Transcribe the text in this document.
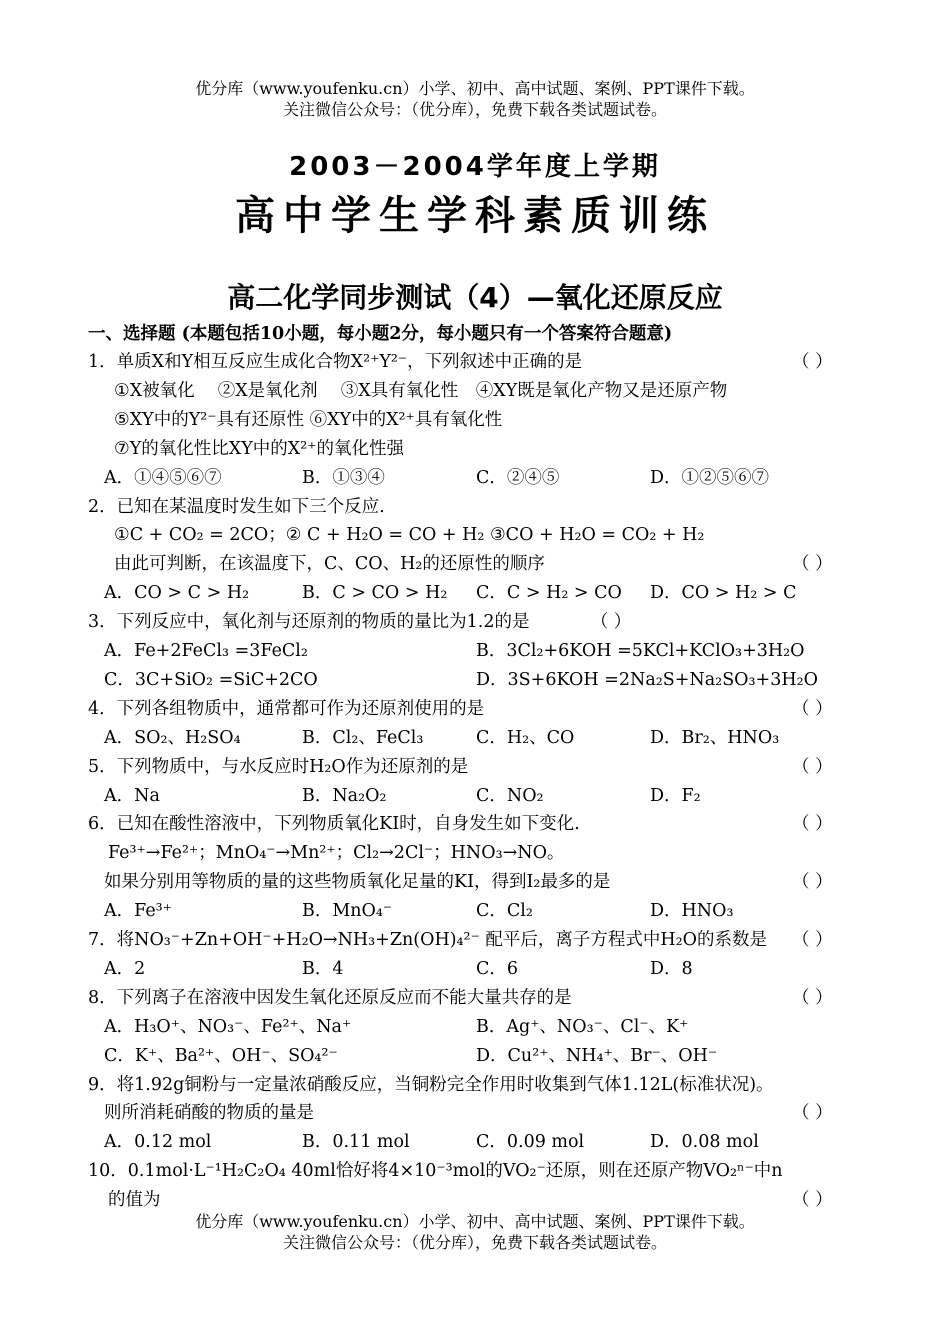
优分库（www.youfenku.cn）小学、初中、高中试题、案例、PPT课件下载。
关注微信公众号：（优分库），免费下载各类试题试卷。
2003－2004学年度上学期
高中学生学科素质训练
高二化学同步测试（4）—氧化还原反应
一、选择题 (本题包括10小题，每小题2分，每小题只有一个答案符合题意)
1．单质X和Y相互反应生成化合物X²⁺Y²⁻，下列叙述中正确的是	（ ）
①X被氧化　 ②X是氧化剂　 ③X具有氧化性　④XY既是氧化产物又是还原产物
⑤XY中的Y²⁻具有还原性 ⑥XY中的X²⁺具有氧化性
⑦Y的氧化性比XY中的X²⁺的氧化性强
A．①④⑤⑥⑦	B．①③④	C．②④⑤	D．①②⑤⑥⑦
2．已知在某温度时发生如下三个反应.
①C + CO₂ = 2CO；② C + H₂O = CO + H₂ ③CO + H₂O = CO₂ + H₂
由此可判断，在该温度下，C、CO、H₂的还原性的顺序	（ ）
A．CO > C > H₂	B．C > CO > H₂ C．C > H₂ > CO D．CO > H₂ > C
3．下列反应中，氧化剂与还原剂的物质的量比为1.2的是　　　　（ ）
A．Fe+2FeCl₃ =3FeCl₂	B．3Cl₂+6KOH =5KCl+KClO₃+3H₂O
C．3C+SiO₂ =SiC+2CO	D．3S+6KOH =2Na₂S+Na₂SO₃+3H₂O
4．下列各组物质中，通常都可作为还原剂使用的是	（ ）
A．SO₂、H₂SO₄	B．Cl₂、FeCl₃	C．H₂、CO	D．Br₂、HNO₃
5．下列物质中，与水反应时H₂O作为还原剂的是	（ ）
A．Na	B．Na₂O₂	C．NO₂	D．F₂
6．已知在酸性溶液中，下列物质氧化KI时，自身发生如下变化.	（ ）
Fe³⁺→Fe²⁺；MnO₄⁻→Mn²⁺；Cl₂→2Cl⁻；HNO₃→NO。
如果分别用等物质的量的这些物质氧化足量的KI，得到I₂最多的是	（ ）
A．Fe³⁺	B．MnO₄⁻	C．Cl₂	D．HNO₃
7．将NO₃⁻+Zn+OH⁻+H₂O→NH₃+Zn(OH)₄²⁻ 配平后，离子方程式中H₂O的系数是 （ ）
A．2	B．4	C．6	D．8
8．下列离子在溶液中因发生氧化还原反应而不能大量共存的是	（ ）
A．H₃O⁺、NO₃⁻、Fe²⁺、Na⁺	B．Ag⁺、NO₃⁻、Cl⁻、K⁺
C．K⁺、Ba²⁺、OH⁻、SO₄²⁻	D．Cu²⁺、NH₄⁺、Br⁻、OH⁻
9．将1.92g铜粉与一定量浓硝酸反应，当铜粉完全作用时收集到气体1.12L(标准状况)。
则所消耗硝酸的物质的量是	（ ）
A．0.12 mol	B．0.11 mol	C．0.09 mol	D．0.08 mol
10．0.1mol·L⁻¹H₂C₂O₄ 40ml恰好将4×10⁻³mol的VO₂⁻还原，则在还原产物VO₂ⁿ⁻中n
的值为	（ ）
优分库（www.youfenku.cn）小学、初中、高中试题、案例、PPT课件下载。
关注微信公众号：（优分库），免费下载各类试题试卷。
